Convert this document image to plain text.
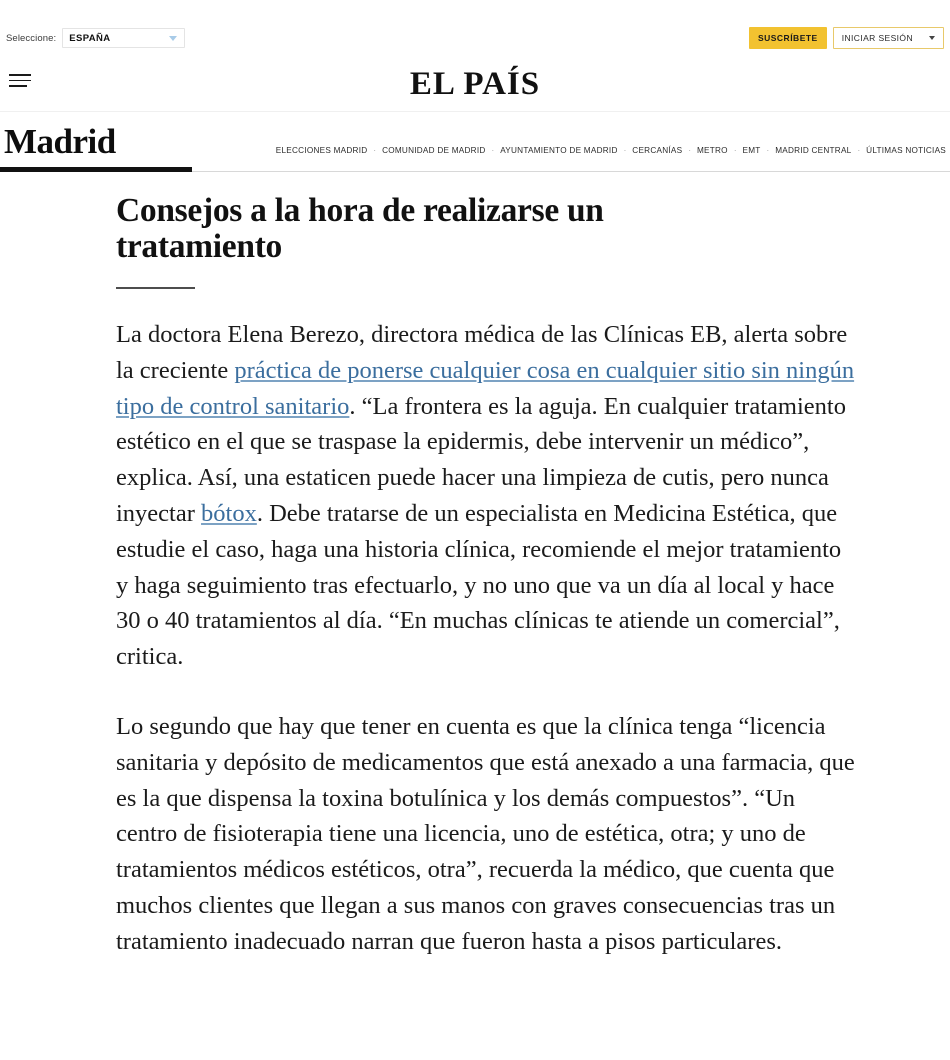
Seleccione: ESPAÑA	SUSCRÍBETE	INICIAR SESIÓN
EL PAÍS
Madrid	ELECCIONES MADRID · COMUNIDAD DE MADRID · AYUNTAMIENTO DE MADRID · CERCANÍAS · METRO · EMT · MADRID CENTRAL · ÚLTIMAS NOTICIAS
Consejos a la hora de realizarse un tratamiento

La doctora Elena Berezo, directora médica de las Clínicas EB, alerta sobre la creciente práctica de ponerse cualquier cosa en cualquier sitio sin ningún tipo de control sanitario. “La frontera es la aguja. En cualquier tratamiento estético en el que se traspase la epidermis, debe intervenir un médico”, explica. Así, una estaticen puede hacer una limpieza de cutis, pero nunca inyectar bótox. Debe tratarse de un especialista en Medicina Estética, que estudie el caso, haga una historia clínica, recomiende el mejor tratamiento y haga seguimiento tras efectuarlo, y no uno que va un día al local y hace 30 o 40 tratamientos al día. “En muchas clínicas te atiende un comercial”, critica.

Lo segundo que hay que tener en cuenta es que la clínica tenga “licencia sanitaria y depósito de medicamentos que está anexado a una farmacia, que es la que dispensa la toxina botulínica y los demás compuestos”. “Un centro de fisioterapia tiene una licencia, uno de estética, otra; y uno de tratamientos médicos estéticos, otra”, recuerda la médico, que cuenta que muchos clientes que llegan a sus manos con graves consecuencias tras un tratamiento inadecuado narran que fueron hasta a pisos particulares.
